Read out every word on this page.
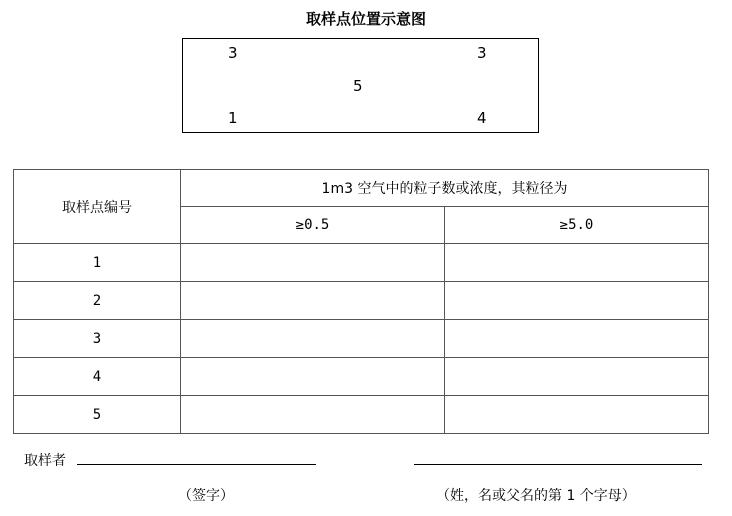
取样点位置示意图
3	3
5
1	4
取样点编号	1m3 空气中的粒子数或浓度，其粒径为	
	≥0.5	≥5.0
1		
2		
3		
4		
5		
取样者
（签字）	（姓，名或父名的第 1 个字母）
